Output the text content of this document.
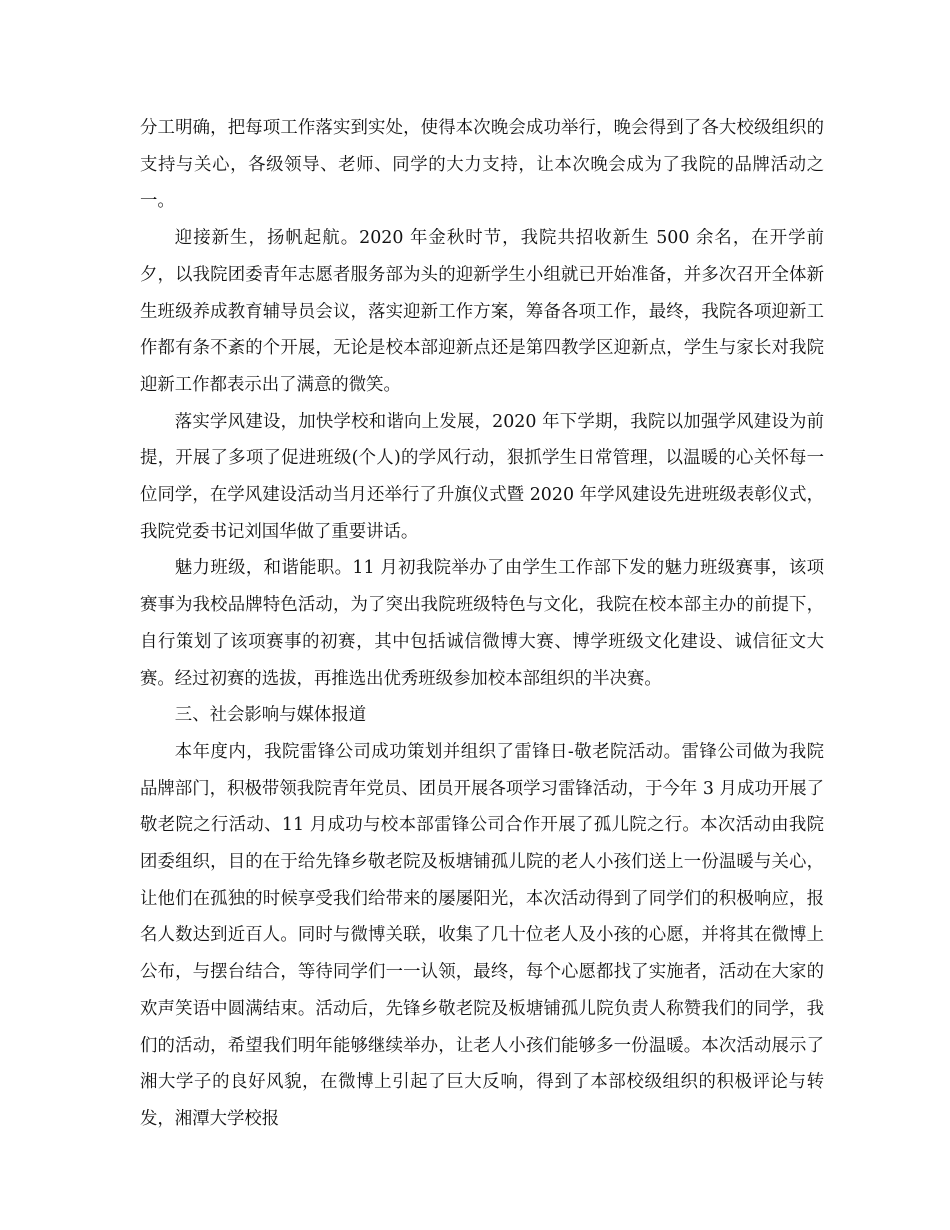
分工明确，把每项工作落实到实处，使得本次晚会成功举行，晚会得到了各大校级组织的支持与关心，各级领导、老师、同学的大力支持，让本次晚会成为了我院的品牌活动之一。

迎接新生，扬帆起航。2020 年金秋时节，我院共招收新生 500 余名，在开学前夕，以我院团委青年志愿者服务部为头的迎新学生小组就已开始准备，并多次召开全体新生班级养成教育辅导员会议，落实迎新工作方案，筹备各项工作，最终，我院各项迎新工作都有条不紊的个开展，无论是校本部迎新点还是第四教学区迎新点，学生与家长对我院迎新工作都表示出了满意的微笑。

落实学风建设，加快学校和谐向上发展，2020 年下学期，我院以加强学风建设为前提，开展了多项了促进班级(个人)的学风行动，狠抓学生日常管理，以温暖的心关怀每一位同学，在学风建设活动当月还举行了升旗仪式暨 2020 年学风建设先进班级表彰仪式，我院党委书记刘国华做了重要讲话。

魅力班级，和谐能职。11 月初我院举办了由学生工作部下发的魅力班级赛事，该项赛事为我校品牌特色活动，为了突出我院班级特色与文化，我院在校本部主办的前提下，自行策划了该项赛事的初赛，其中包括诚信微博大赛、博学班级文化建设、诚信征文大赛。经过初赛的选拔，再推选出优秀班级参加校本部组织的半决赛。

三、社会影响与媒体报道

本年度内，我院雷锋公司成功策划并组织了雷锋日-敬老院活动。雷锋公司做为我院品牌部门，积极带领我院青年党员、团员开展各项学习雷锋活动，于今年 3 月成功开展了敬老院之行活动、11 月成功与校本部雷锋公司合作开展了孤儿院之行。本次活动由我院团委组织，目的在于给先锋乡敬老院及板塘铺孤儿院的老人小孩们送上一份温暖与关心，让他们在孤独的时候享受我们给带来的屡屡阳光，本次活动得到了同学们的积极响应，报名人数达到近百人。同时与微博关联，收集了几十位老人及小孩的心愿，并将其在微博上公布，与摆台结合，等待同学们一一认领，最终，每个心愿都找了实施者，活动在大家的欢声笑语中圆满结束。活动后，先锋乡敬老院及板塘铺孤儿院负责人称赞我们的同学，我们的活动，希望我们明年能够继续举办，让老人小孩们能够多一份温暖。本次活动展示了湘大学子的良好风貌，在微博上引起了巨大反响，得到了本部校级组织的积极评论与转发，湘潭大学校报
